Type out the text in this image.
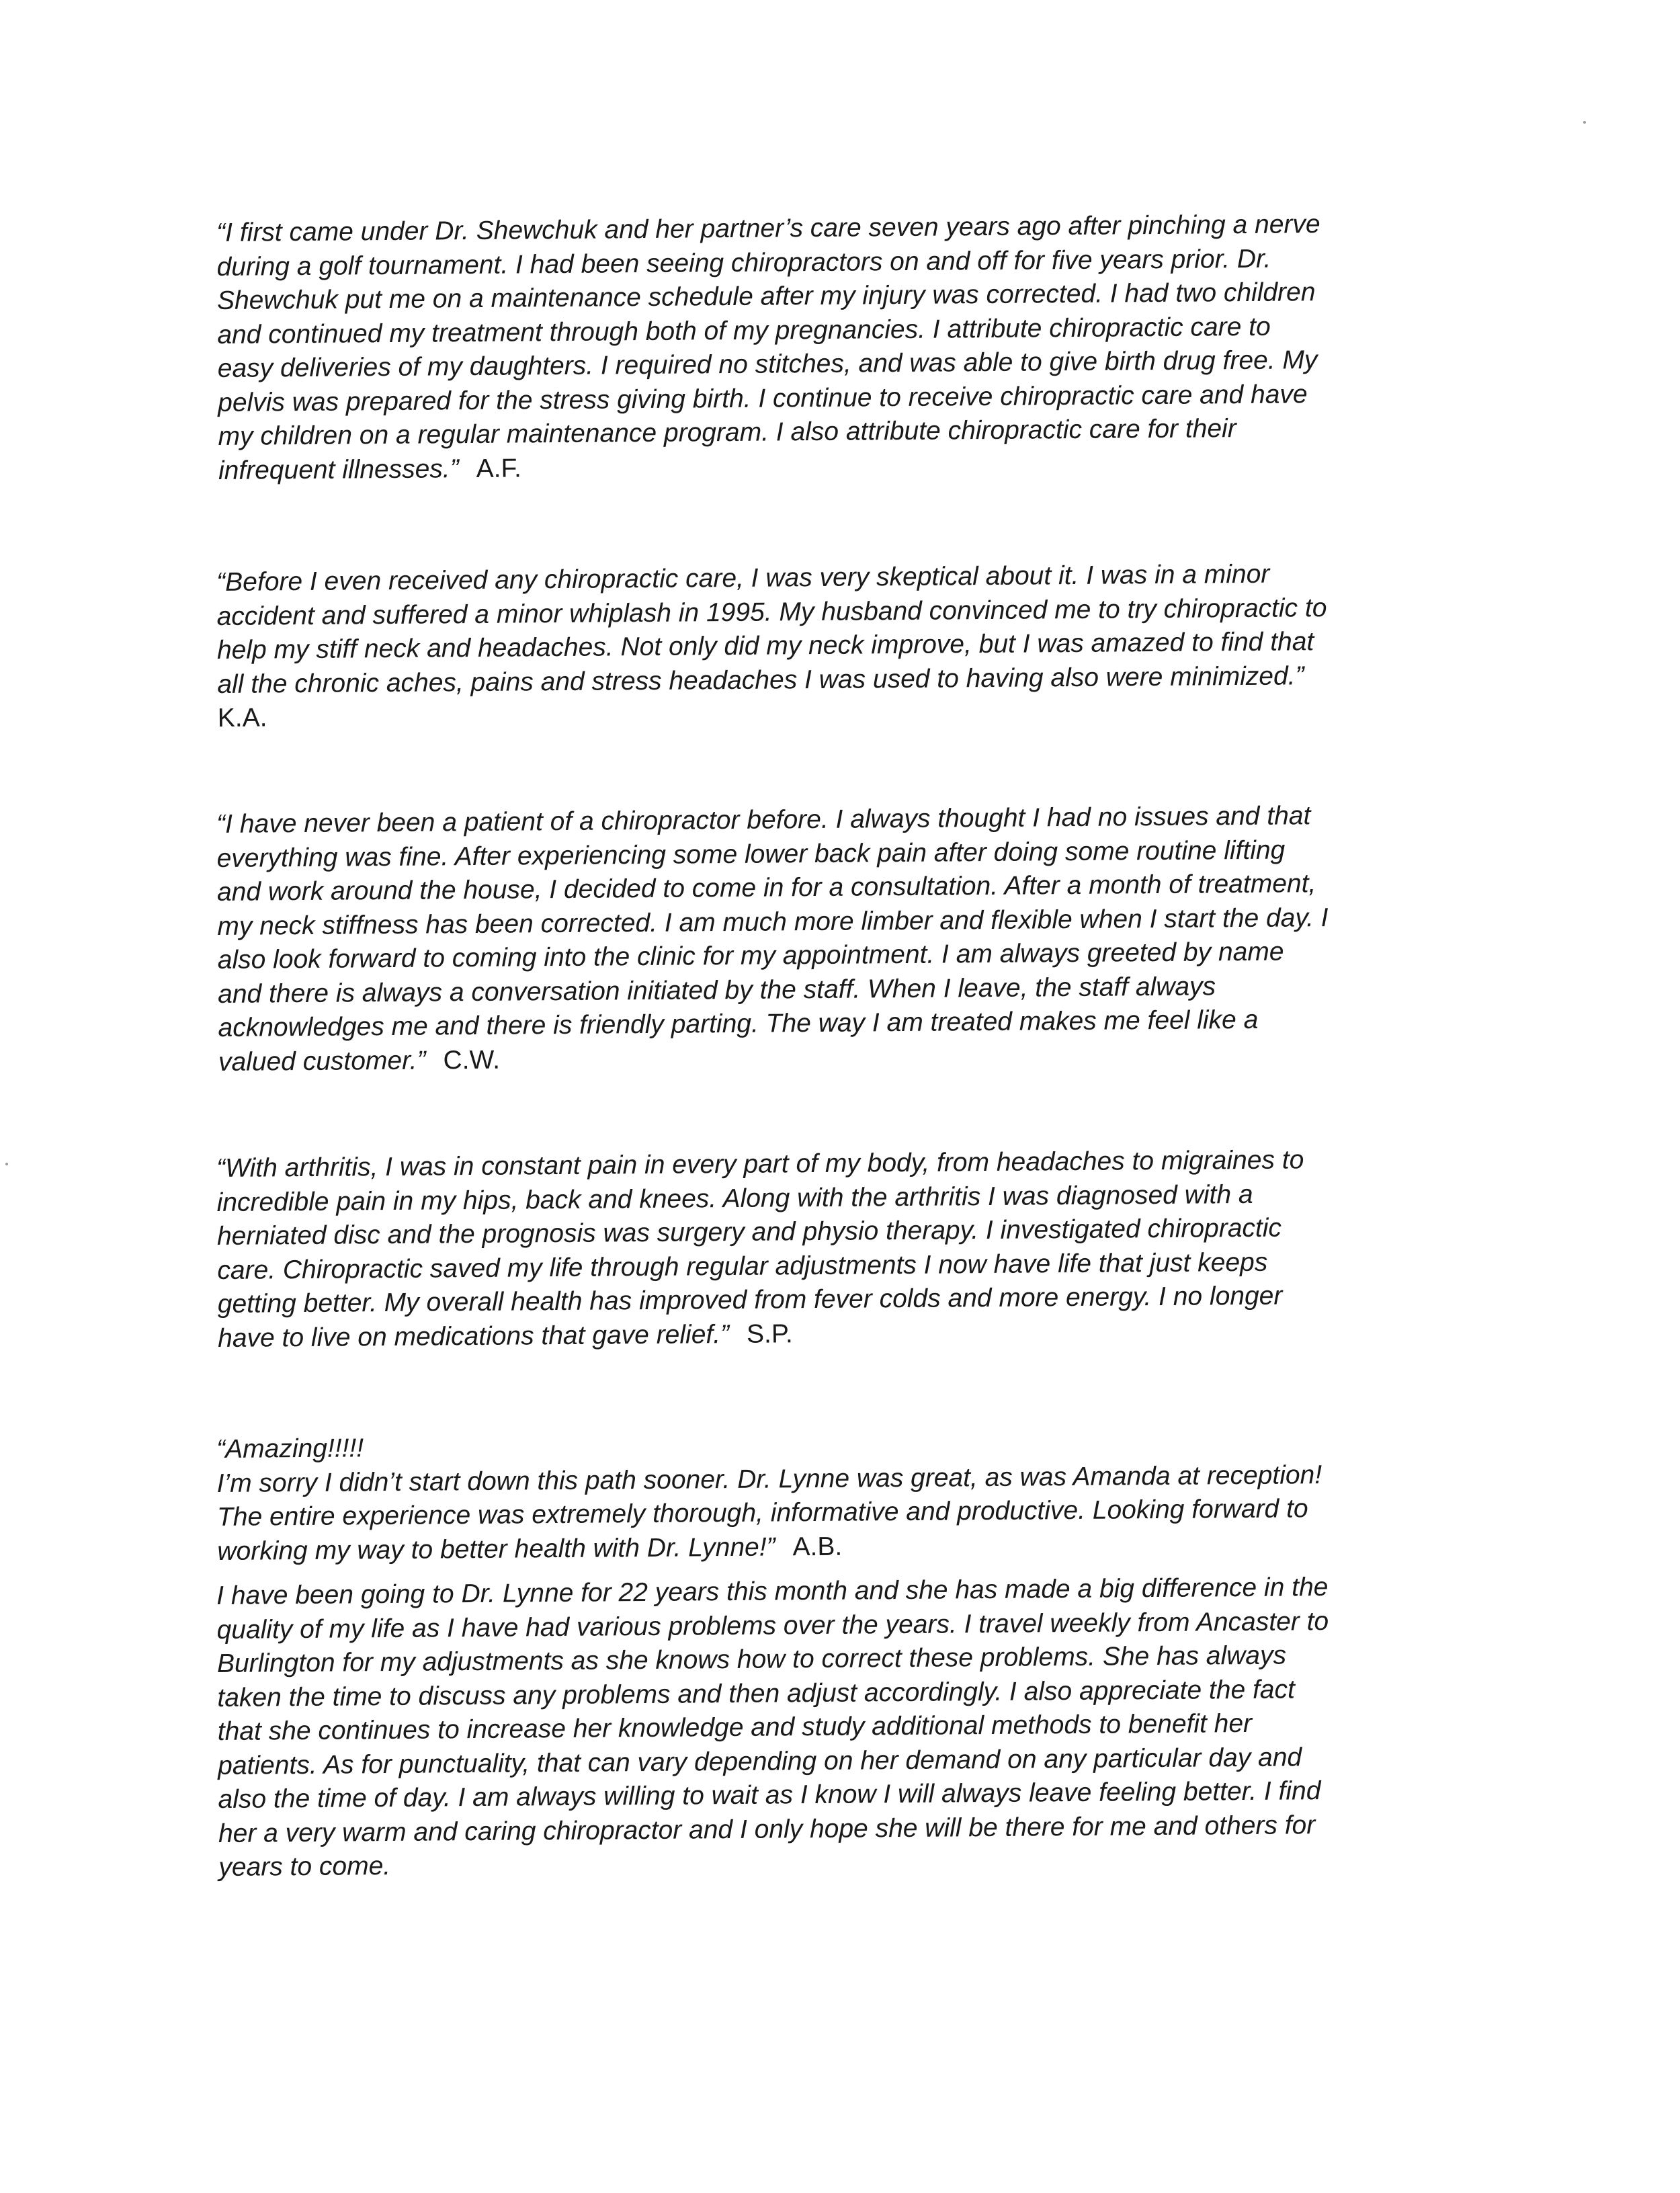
“I first came under Dr. Shewchuk and her partner’s care seven years ago after pinching a nerve
during a golf tournament. I had been seeing chiropractors on and off for five years prior. Dr.
Shewchuk put me on a maintenance schedule after my injury was corrected. I had two children
and continued my treatment through both of my pregnancies. I attribute chiropractic care to
easy deliveries of my daughters. I required no stitches, and was able to give birth drug free. My
pelvis was prepared for the stress giving birth. I continue to receive chiropractic care and have
my children on a regular maintenance program. I also attribute chiropractic care for their
infrequent illnesses.” A.F.

“Before I even received any chiropractic care, I was very skeptical about it. I was in a minor
accident and suffered a minor whiplash in 1995. My husband convinced me to try chiropractic to
help my stiff neck and headaches. Not only did my neck improve, but I was amazed to find that
all the chronic aches, pains and stress headaches I was used to having also were minimized.”
K.A.

“I have never been a patient of a chiropractor before. I always thought I had no issues and that
everything was fine. After experiencing some lower back pain after doing some routine lifting
and work around the house, I decided to come in for a consultation. After a month of treatment,
my neck stiffness has been corrected. I am much more limber and flexible when I start the day. I
also look forward to coming into the clinic for my appointment. I am always greeted by name
and there is always a conversation initiated by the staff. When I leave, the staff always
acknowledges me and there is friendly parting. The way I am treated makes me feel like a
valued customer.” C.W.

“With arthritis, I was in constant pain in every part of my body, from headaches to migraines to
incredible pain in my hips, back and knees. Along with the arthritis I was diagnosed with a
herniated disc and the prognosis was surgery and physio therapy. I investigated chiropractic
care. Chiropractic saved my life through regular adjustments I now have life that just keeps
getting better. My overall health has improved from fever colds and more energy. I no longer
have to live on medications that gave relief.” S.P.

“Amazing!!!!!
I’m sorry I didn’t start down this path sooner. Dr. Lynne was great, as was Amanda at reception!
The entire experience was extremely thorough, informative and productive. Looking forward to
working my way to better health with Dr. Lynne!” A.B.

I have been going to Dr. Lynne for 22 years this month and she has made a big difference in the
quality of my life as I have had various problems over the years. I travel weekly from Ancaster to
Burlington for my adjustments as she knows how to correct these problems. She has always
taken the time to discuss any problems and then adjust accordingly. I also appreciate the fact
that she continues to increase her knowledge and study additional methods to benefit her
patients. As for punctuality, that can vary depending on her demand on any particular day and
also the time of day. I am always willing to wait as I know I will always leave feeling better. I find
her a very warm and caring chiropractor and I only hope she will be there for me and others for
years to come.
